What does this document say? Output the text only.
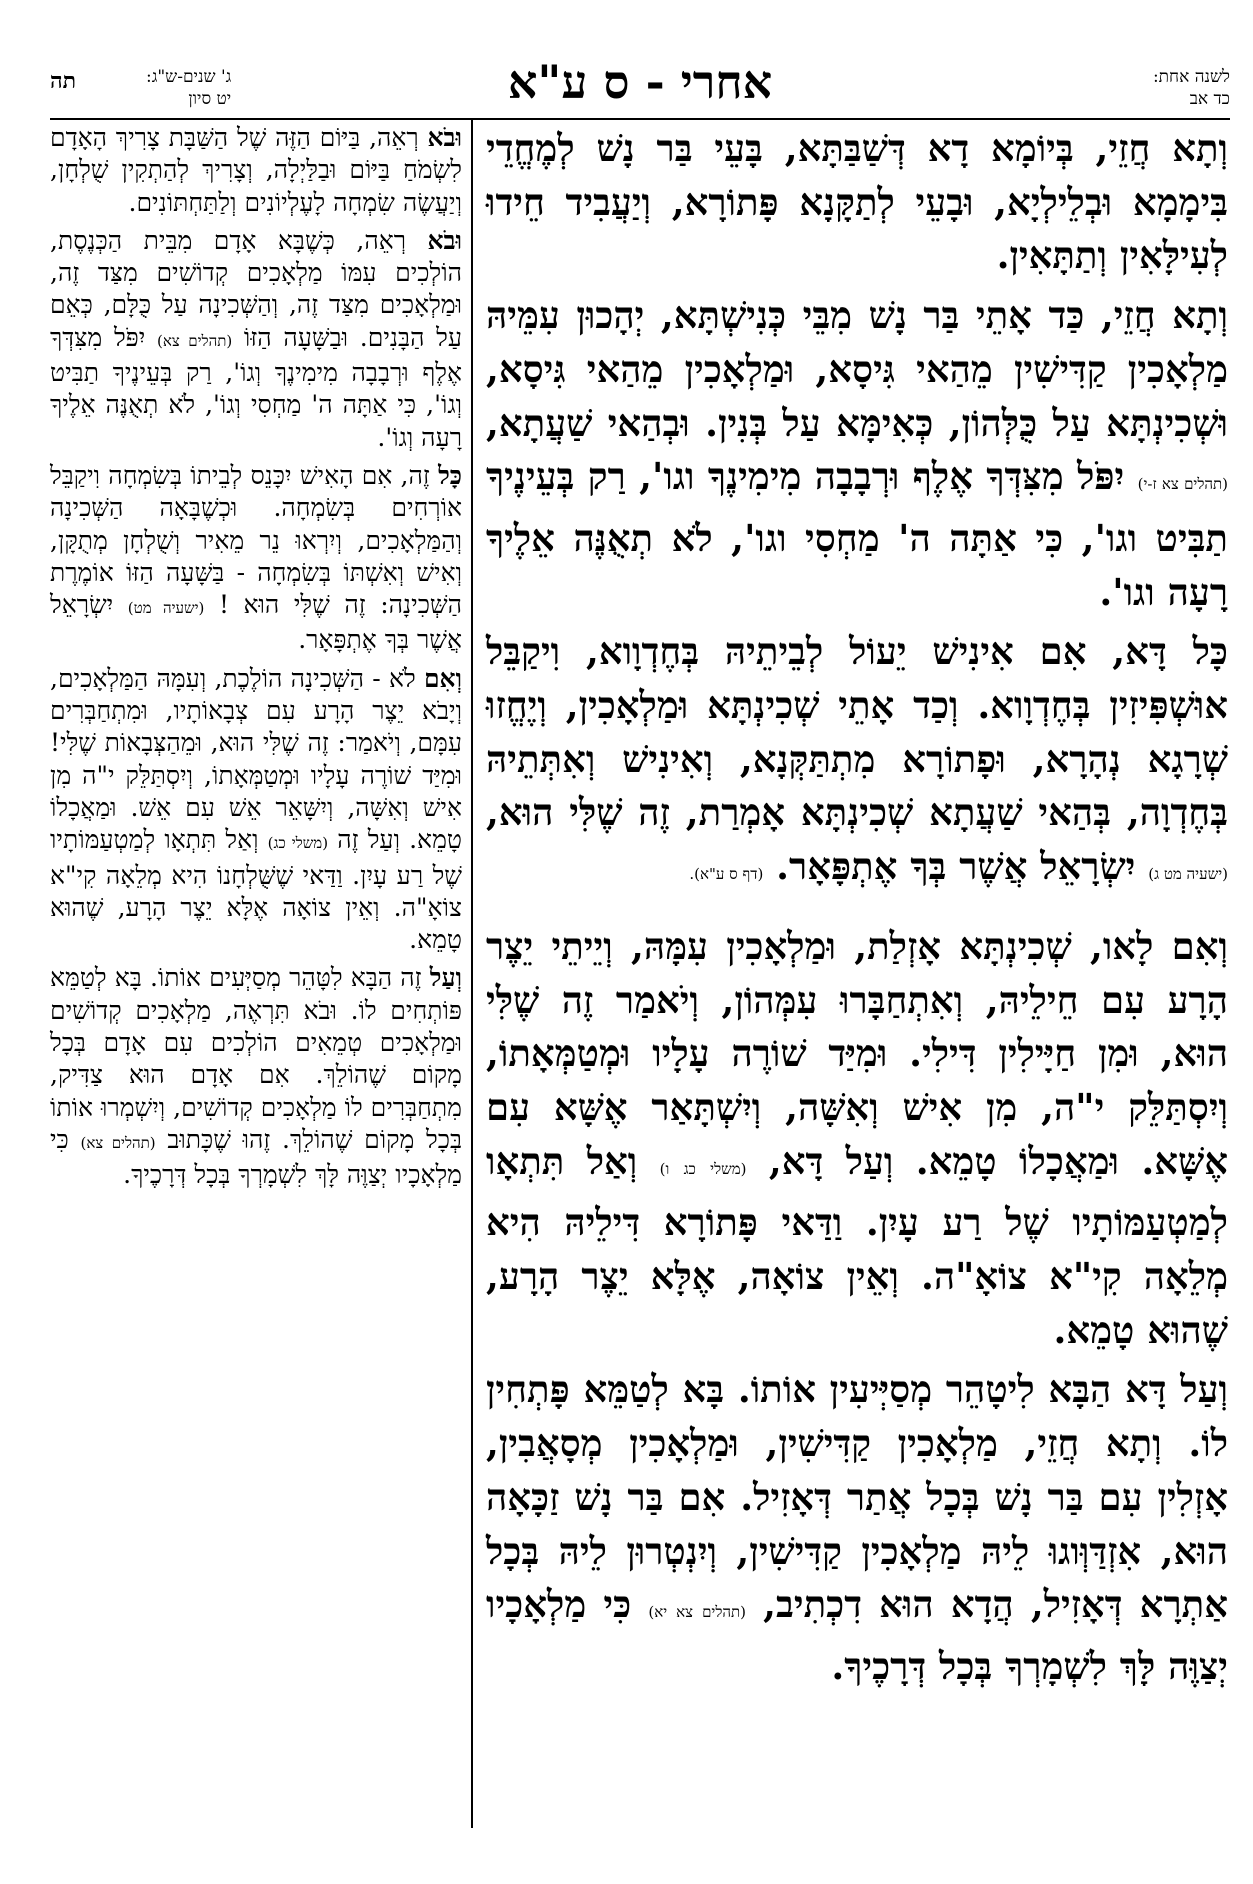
לשנה אחת:
כד אב
אחרי - ס ע"א
ג' שנים-ש"ג:
יט סיון
תה

וְתָא חֲזֵי, בְּיוֹמָא דָא דְּשַׁבַּתָּא, בָּעֵי בַּר נָשׁ לְמֶחֱדֵי בִּימָמָא וּבְלֵילְיָא, וּבָעֵי לְתַקָּנָא פָּתוֹרָא, וְיַעֲבִיד חֵידוּ לְעִילָּאִין וְתַתָּאִין.

וְתָא חֲזֵי, כַּד אָתֵי בַּר נָשׁ מִבֵּי כְּנִישְׁתָּא, יְהָכוּן עִמֵּיהּ מַלְאָכִין קַדִּישִׁין מֵהַאי גִּיסָא, וּמַלְאָכִין מֵהַאי גִּיסָא, וּשְׁכִינְתָּא עַל כֻּלְּהוֹן, כְּאִימָּא עַל בְּנִין. וּבְהַאי שַׁעֲתָא, (תהלים צא ז-י) יִפֹּל מִצִּדְּךָ אֶלֶף וּרְבָבָה מִימִינֶךָ וגו', רַק בְּעֵינֶיךָ תַבִּיט וגו', כִּי אַתָּה ה' מַחְסִי וגו', לֹא תְאֻנֶּה אֵלֶיךָ רָעָה וגו'.

כָּל דָּא, אִם אִינִישׁ יֵעוֹל לְבֵיתֵיהּ בְּחֶדְוָוא, וִיקַבֵּל אוּשְׁפִּיזִין בְּחֶדְוָוא. וְכַד אָתֵי שְׁכִינְתָּא וּמַלְאָכִין, וְיֶחֱזוּ שְׁרָגָא נְהָרָא, וּפָתוֹרָא מִתְתַּקְּנָא, וְאִינִישׁ וְאִתְּתֵיהּ בְּחֶדְוָה, בְּהַאי שַׁעֲתָא שְׁכִינְתָּא אָמְרַת, זֶה שֶׁלִּי הוּא, (ישעיה מט ג) יִשְׂרָאֵל אֲשֶׁר בְּךָ אֶתְפָּאָר. (דף ס ע"א).

וְאִם לָאו, שְׁכִינְתָּא אָזְלַת, וּמַלְאָכִין עִמָּהּ, וְיֵיתֵי יֵצֶר הָרָע עִם חֵילֵיהּ, וְאִתְחַבָּרוּ עִמְּהוֹן, וְיֹאמַר זֶה שֶׁלִּי הוּא, וּמִן חַיָּילִין דִּילִי. וּמִיַּד שׁוֹרֶה עָלָיו וּמְטַמְּאָתוֹ, וְיִסְתַּלֵּק י"ה, מִן אִישׁ וְאִשָּׁה, וְיִשְׁתָּאַר אֶשָּׁא עִם אֶשָּׁא. וּמַאֲכָלוֹ טָמֵא. וְעַל דָּא, (משלי כג ו) וְאַל תִּתְאָו לְמַטְעַמּוֹתָיו שֶׁל רַע עָיִן. וַדַּאי פָּתוֹרָא דִּילֵיהּ הִיא מְלֵאָה קִי"א צוֹאָ"ה. וְאֵין צוֹאָה, אֶלָּא יֵצֶר הָרָע, שֶׁהוּא טָמֵא.

וְעַל דָּא הַבָּא לִיטָהֵר מְסַיְּיעִין אוֹתוֹ. בָּא לְטַמֵּא פָּתְחִין לוֹ. וְתָא חֲזֵי, מַלְאָכִין קַדִּישִׁין, וּמַלְאָכִין מְסָאֲבִין, אָזְלִין עִם בַּר נָשׁ בְּכָל אֲתַר דְּאָזִיל. אִם בַּר נָשׁ זַכָּאָה הוּא, אִזְדַּוְּוגוּ לֵיהּ מַלְאָכִין קַדִּישִׁין, וְיִנְטְרוּן לֵיהּ בְּכָל אַתְרָא דְּאָזִיל, הֲדָא הוּא דִכְתִיב, (תהלים צא יא) כִּי מַלְאָכָיו יְצַוֶּה לָּךְ לִשְׁמָרְךָ בְּכָל דְּרָכֶיךָ.

וּבֹא רְאֵה, בַּיּוֹם הַזֶּה שֶׁל הַשַּׁבָּת צָרִיךְ הָאָדָם לִשְׂמֹחַ בַּיּוֹם וּבַלַּיְלָה, וְצָרִיךְ לְהַתְקִין שֻׁלְחָן, וְיַעֲשֶׂה שִׂמְחָה לָעֶלְיוֹנִים וְלַתַּחְתּוֹנִים.

וּבֹא רְאֵה, כְּשֶׁבָּא אָדָם מִבֵּית הַכְּנֶסֶת, הוֹלְכִים עִמּוֹ מַלְאָכִים קְדוֹשִׁים מִצַּד זֶה, וּמַלְאָכִים מִצַּד זֶה, וְהַשְּׁכִינָה עַל כֻּלָּם, כְּאֵם עַל הַבָּנִים. וּבַשָּׁעָה הַזּוֹ (תהלים צא) יִפֹּל מִצִּדְּךָ אֶלֶף וּרְבָבָה מִימִינֶךָ וְגוֹ', רַק בְּעֵינֶיךָ תַבִּיט וְגוֹ', כִּי אַתָּה ה' מַחְסִי וְגוֹ', לֹא תְאֻנֶּה אֵלֶיךָ רָעָה וְגוֹ'.

כָּל זֶה, אִם הָאִישׁ יִכָּנֵס לְבֵיתוֹ בְּשִׂמְחָה וִיקַבֵּל אוֹרְחִים בְּשִׂמְחָה. וּכְשֶׁבָּאָה הַשְּׁכִינָה וְהַמַּלְאָכִים, וְיִרְאוּ נֵר מֵאִיר וְשֻׁלְחָן מְתֻקָּן, וְאִישׁ וְאִשְׁתּוֹ בְּשִׂמְחָה - בַּשָּׁעָה הַזּוֹ אוֹמֶרֶת הַשְּׁכִינָה: זֶה שֶׁלִּי הוּא ! (ישעיה מט) יִשְׂרָאֵל אֲשֶׁר בְּךָ אֶתְפָּאָר.

וְאִם לֹא - הַשְּׁכִינָה הוֹלֶכֶת, וְעִמָּהּ הַמַּלְאָכִים, וְיָבֹא יֵצֶר הָרָע עִם צְבָאוֹתָיו, וּמִתְחַבְּרִים עִמָּם, וְיֹאמַר: זֶה שֶׁלִּי הוּא, וּמֵהַצְּבָאוֹת שֶׁלִּי! וּמִיַּד שׁוֹרֶה עָלָיו וּמְטַמְּאָתוֹ, וְיִסְתַּלֵּק י"ה מִן אִישׁ וְאִשָּׁה, וְיִשָּׁאֵר אֵשׁ עִם אֵשׁ. וּמַאֲכָלוֹ טָמֵא. וְעַל זֶה (משלי כג) וְאַל תִּתְאָו לְמַטְעַמּוֹתָיו שֶׁל רַע עָיִן. וַדַּאי שֶׁשֻּׁלְחָנוֹ הִיא מְלֵאָה קִי"א צוֹאָ"ה. וְאֵין צוֹאָה אֶלָּא יֵצֶר הָרָע, שֶׁהוּא טָמֵא.

וְעַל זֶה הַבָּא לִטָּהֵר מְסַיְּעִים אוֹתוֹ. בָּא לְטַמֵּא פּוֹתְחִים לוֹ. וּבֹא תִּרְאֶה, מַלְאָכִים קְדוֹשִׁים וּמַלְאָכִים טְמֵאִים הוֹלְכִים עִם אָדָם בְּכָל מָקוֹם שֶׁהוֹלֵךְ. אִם אָדָם הוּא צַדִּיק, מִתְחַבְּרִים לוֹ מַלְאָכִים קְדוֹשִׁים, וְיִשְׁמְרוּ אוֹתוֹ בְּכָל מָקוֹם שֶׁהוֹלֵךְ. זֶהוּ שֶׁכָּתוּב (תהלים צא) כִּי מַלְאָכָיו יְצַוֶּה לָּךְ לִשְׁמָרְךָ בְּכָל דְּרָכֶיךָ.
